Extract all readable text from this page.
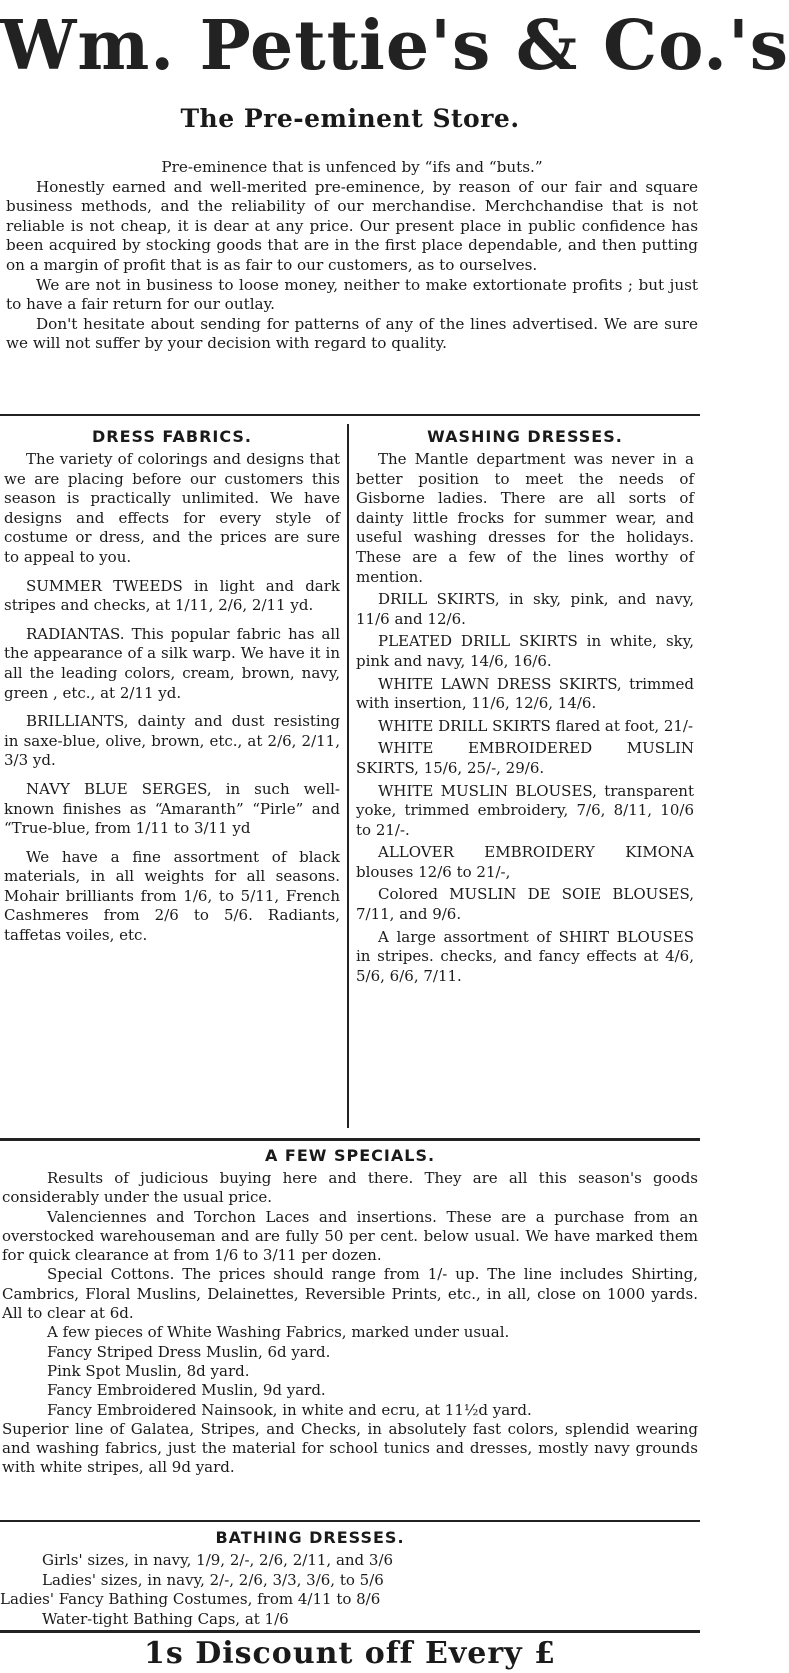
Wm. Pettie's & Co.'s
The Pre-eminent Store.

Pre-eminence that is unfenced by “ifs and “buts.”

Honestly earned and well-merited pre-eminence, by reason of our fair and square business methods, and the reliability of our merchandise. Merchchandise that is not reliable is not cheap, it is dear at any price. Our present place in public confidence has been acquired by stocking goods that are in the first place dependable, and then putting on a margin of profit that is as fair to our customers, as to ourselves.

We are not in business to loose money, neither to make extortionate profits ; but just to have a fair return for our outlay.

Don't hesitate about sending for patterns of any of the lines advertised. We are sure we will not suffer by your decision with regard to quality.

DRESS FABRICS.

The variety of colorings and designs that we are placing before our customers this season is practically unlimited. We have designs and effects for every style of costume or dress, and the prices are sure to appeal to you.

SUMMER TWEEDS in light and dark stripes and checks, at 1/11, 2/6, 2/11 yd.

RADIANTAS. This popular fabric has all the appearance of a silk warp. We have it in all the leading colors, cream, brown, navy, green , etc., at 2/11 yd.

BRILLIANTS, dainty and dust resisting in saxe-blue, olive, brown, etc., at 2/6, 2/11, 3/3 yd.

NAVY BLUE SERGES, in such well-known finishes as “Amaranth” “Pirle” and “True-blue, from 1/11 to 3/11 yd

We have a fine assortment of black materials, in all weights for all seasons. Mohair brilliants from 1/6, to 5/11, French Cashmeres from 2/6 to 5/6. Radiants, taffetas voiles, etc.

WASHING DRESSES.

The Mantle department was never in a better position to meet the needs of Gisborne ladies. There are all sorts of dainty little frocks for summer wear, and useful washing dresses for the holidays. These are a few of the lines worthy of mention.

DRILL SKIRTS, in sky, pink, and navy, 11/6 and 12/6.

PLEATED DRILL SKIRTS in white, sky, pink and navy, 14/6, 16/6.

WHITE LAWN DRESS SKIRTS, trimmed with insertion, 11/6, 12/6, 14/6.

WHITE DRILL SKIRTS flared at foot, 21/-

WHITE EMBROIDERED MUSLIN SKIRTS, 15/6, 25/-, 29/6.

WHITE MUSLIN BLOUSES, transparent yoke, trimmed embroidery, 7/6, 8/11, 10/6 to 21/-.

ALLOVER EMBROIDERY KIMONA blouses 12/6 to 21/-,

Colored MUSLIN DE SOIE BLOUSES, 7/11, and 9/6.

A large assortment of SHIRT BLOUSES in stripes. checks, and fancy effects at 4/6, 5/6, 6/6, 7/11.

A FEW SPECIALS.

Results of judicious buying here and there. They are all this season's goods considerably under the usual price.

Valenciennes and Torchon Laces and insertions. These are a purchase from an overstocked warehouseman and are fully 50 per cent. below usual. We have marked them for quick clearance at from 1/6 to 3/11 per dozen.

Special Cottons. The prices should range from 1/- up. The line includes Shirting, Cambrics, Floral Muslins, Delainettes, Reversible Prints, etc., in all, close on 1000 yards. All to clear at 6d.

A few pieces of White Washing Fabrics, marked under usual.

Fancy Striped Dress Muslin, 6d yard.

Pink Spot Muslin, 8d yard.

Fancy Embroidered Muslin, 9d yard.

Fancy Embroidered Nainsook, in white and ecru, at 11½d yard.

Superior line of Galatea, Stripes, and Checks, in absolutely fast colors, splendid wearing and washing fabrics, just the material for school tunics and dresses, mostly navy grounds with white stripes, all 9d yard.

BATHING DRESSES.
Girls' sizes, in navy, 1/9, 2/-, 2/6, 2/11, and 3/6
Ladies' sizes, in navy, 2/-, 2/6, 3/3, 3/6, to 5/6
Ladies' Fancy Bathing Costumes, from 4/11 to 8/6
Water-tight Bathing Caps, at 1/6
1s Discount off Every £
